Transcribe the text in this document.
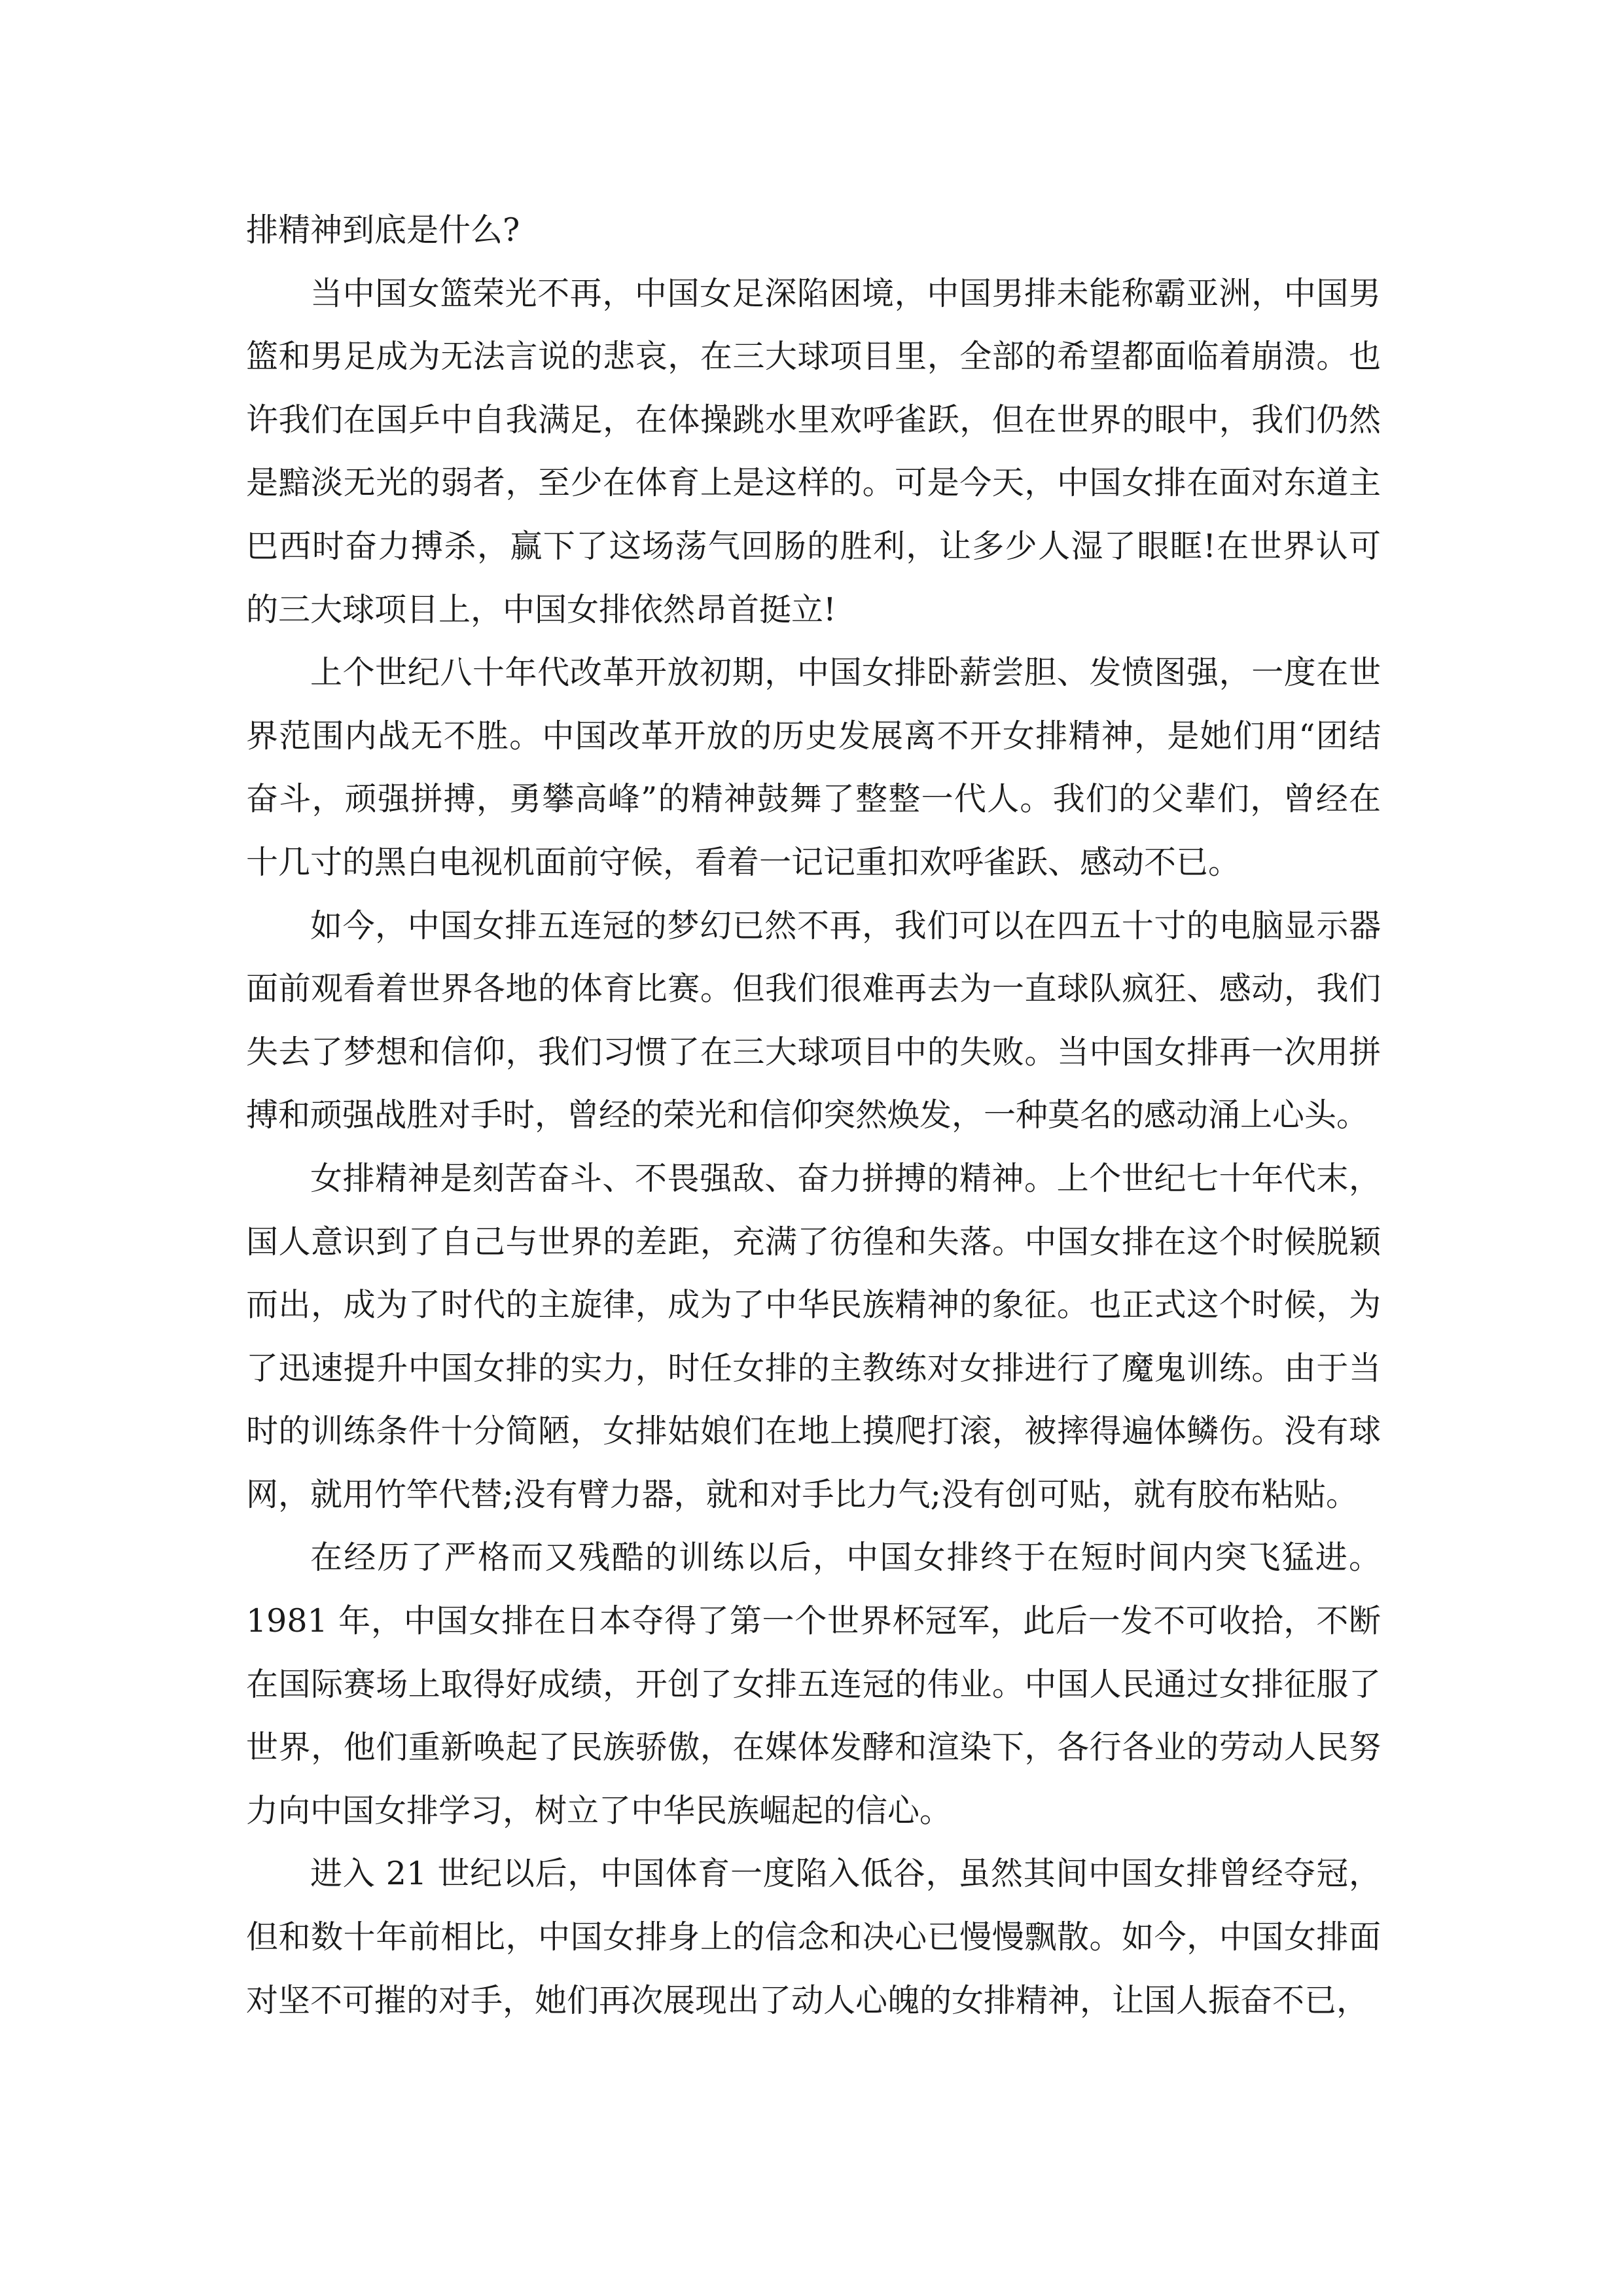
排精神到底是什么?

当中国女篮荣光不再，中国女足深陷困境，中国男排未能称霸亚洲，中国男篮和男足成为无法言说的悲哀，在三大球项目里，全部的希望都面临着崩溃。也许我们在国乒中自我满足，在体操跳水里欢呼雀跃，但在世界的眼中，我们仍然是黯淡无光的弱者，至少在体育上是这样的。可是今天，中国女排在面对东道主巴西时奋力搏杀，赢下了这场荡气回肠的胜利，让多少人湿了眼眶!在世界认可的三大球项目上，中国女排依然昂首挺立!

上个世纪八十年代改革开放初期，中国女排卧薪尝胆、发愤图强，一度在世界范围内战无不胜。中国改革开放的历史发展离不开女排精神，是她们用“团结奋斗，顽强拼搏，勇攀高峰”的精神鼓舞了整整一代人。我们的父辈们，曾经在十几寸的黑白电视机面前守候，看着一记记重扣欢呼雀跃、感动不已。

如今，中国女排五连冠的梦幻已然不再，我们可以在四五十寸的电脑显示器面前观看着世界各地的体育比赛。但我们很难再去为一直球队疯狂、感动，我们失去了梦想和信仰，我们习惯了在三大球项目中的失败。当中国女排再一次用拼搏和顽强战胜对手时，曾经的荣光和信仰突然焕发，一种莫名的感动涌上心头。

女排精神是刻苦奋斗、不畏强敌、奋力拼搏的精神。上个世纪七十年代末，国人意识到了自己与世界的差距，充满了彷徨和失落。中国女排在这个时候脱颖而出，成为了时代的主旋律，成为了中华民族精神的象征。也正式这个时候，为了迅速提升中国女排的实力，时任女排的主教练对女排进行了魔鬼训练。由于当时的训练条件十分简陋，女排姑娘们在地上摸爬打滚，被摔得遍体鳞伤。没有球网，就用竹竿代替;没有臂力器，就和对手比力气;没有创可贴，就有胶布粘贴。

在经历了严格而又残酷的训练以后，中国女排终于在短时间内突飞猛进。1981 年，中国女排在日本夺得了第一个世界杯冠军，此后一发不可收拾，不断在国际赛场上取得好成绩，开创了女排五连冠的伟业。中国人民通过女排征服了世界，他们重新唤起了民族骄傲，在媒体发酵和渲染下，各行各业的劳动人民努力向中国女排学习，树立了中华民族崛起的信心。

进入 21 世纪以后，中国体育一度陷入低谷，虽然其间中国女排曾经夺冠，但和数十年前相比，中国女排身上的信念和决心已慢慢飘散。如今，中国女排面对坚不可摧的对手，她们再次展现出了动人心魄的女排精神，让国人振奋不已，
